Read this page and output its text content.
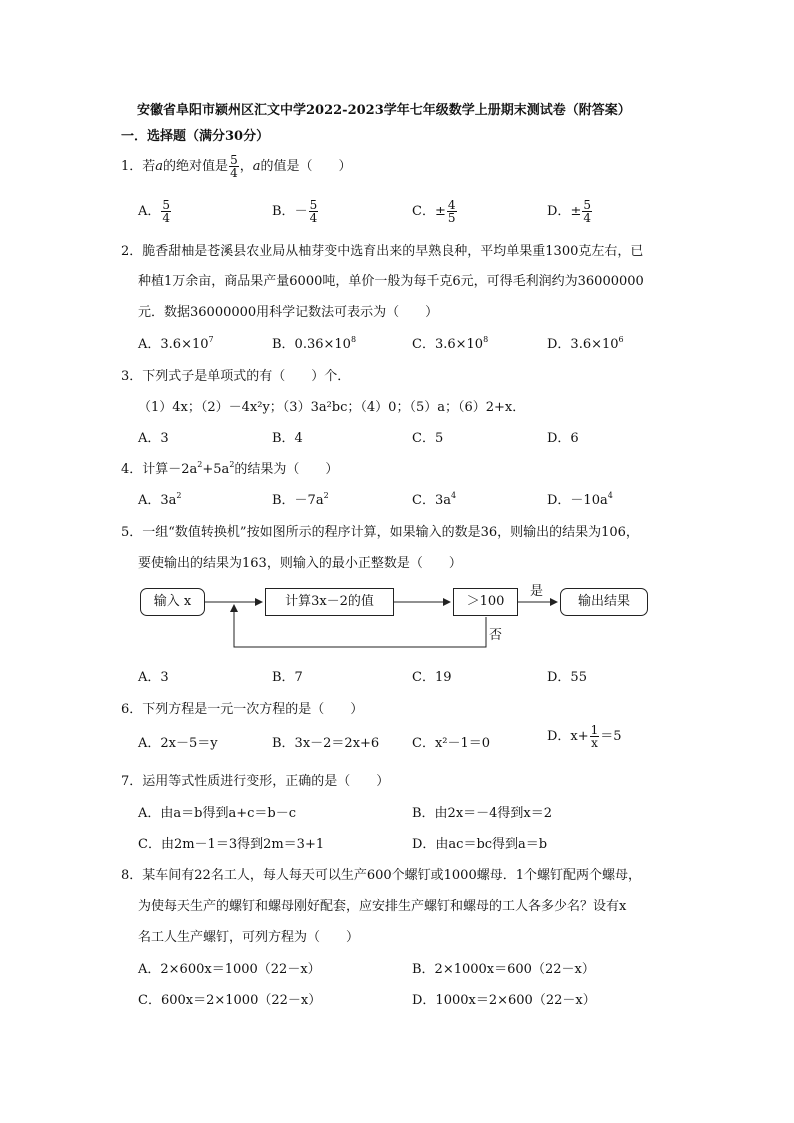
安徽省阜阳市颍州区汇文中学2022-2023学年七年级数学上册期末测试卷（附答案）
一．选择题（满分30分）
1．若a的绝对值是 $\frac{5}{4}$ ，a的值是（　　）
A． $\frac{5}{4}$	B．－ $\frac{5}{4}$	C．± $\frac{4}{5}$	D．± $\frac{5}{4}$
2．脆香甜柚是苍溪县农业局从柚芽变中选育出来的早熟良种，平均单果重1300克左右，已
种植1万余亩，商品果产量6000吨，单价一般为每千克6元，可得毛利润约为36000000
元．数据36000000用科学记数法可表示为（　　）
A．$3.6\times 10^7$	B．$0.36\times 10^8$	C．$3.6\times 10^8$	D．$3.6\times 10^6$
3．下列式子是单项式的有（　　）个．
（1）4x；（2）－4x²y；（3）3a²bc；（4）0；（5）a；（6）2+x．
A．3	B．4	C．5	D．6
4．计算$-2a^2+5a^2$的结果为（　　）
A．$3a^2$	B．$-7a^2$	C．$3a^4$	D．$-10a^4$
5．一组“数值转换机”按如图所示的程序计算，如果输入的数是36，则输出的结果为106，
要使输出的结果为163，则输入的最小正整数是（　　）
输入 x	计算3x－2的值	＞100	输出结果
是
否
A．3	B．7	C．19	D．55
6．下列方程是一元一次方程的是（　　）
A．2x－5＝y	B．3x－2＝2x+6	C．x²－1＝0	D．$x+ \frac{1}{x} =5$
7．运用等式性质进行变形，正确的是（　　）
A．由a＝b得到a+c＝b－c	B．由2x＝－4得到x＝2
C．由2m－1＝3得到2m＝3+1	D．由ac＝bc得到a＝b
8．某车间有22名工人，每人每天可以生产600个螺钉或1000螺母．1个螺钉配两个螺母，
为使每天生产的螺钉和螺母刚好配套，应安排生产螺钉和螺母的工人各多少名？设有x
名工人生产螺钉，可列方程为（　　）
A．2×600x＝1000（22－x）	B．2×1000x＝600（22－x）
C．600x＝2×1000（22－x）	D．1000x＝2×600（22－x）
